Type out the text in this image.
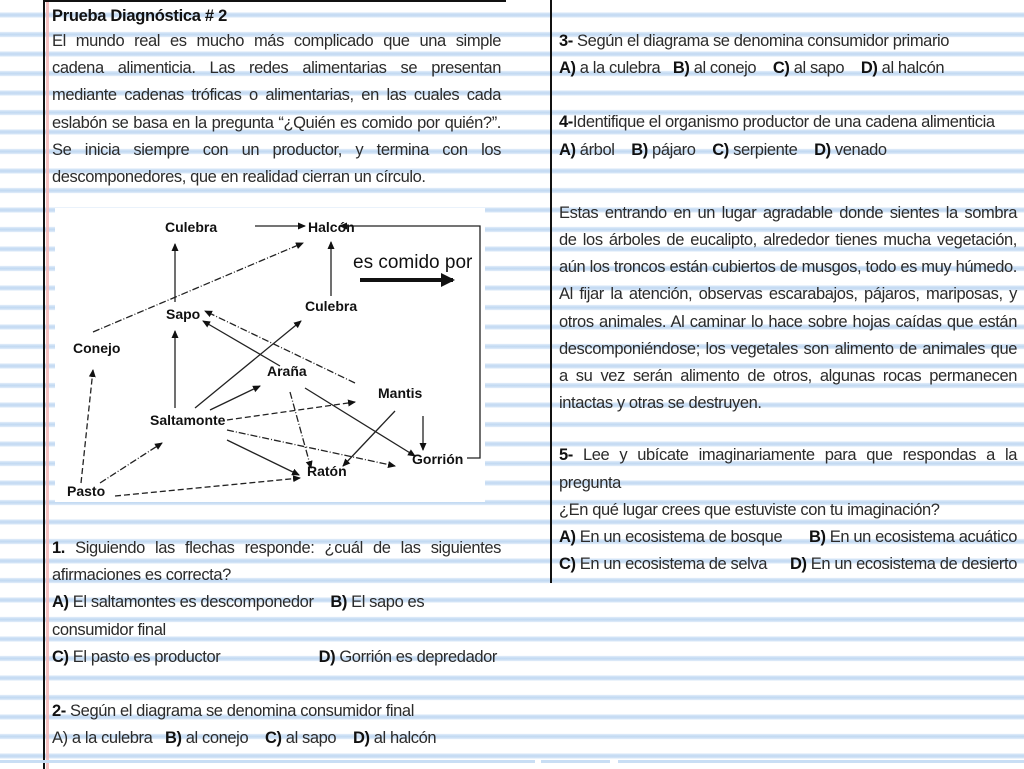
Prueba Diagnóstica # 2

El mundo real es mucho más complicado que una simple cadena alimenticia. Las redes alimentarias se presentan mediante cadenas tróficas o alimentarias, en las cuales cada eslabón se basa en la pregunta “¿Quién es comido por quién?”. Se inicia siempre con un productor, y termina con los descomponedores, que en realidad cierran un círculo.

es comido por
Culebra	Halcón
Sapo	Culebra
Conejo
Araña
Mantis
Saltamonte
Gorrión
Ratón
Pasto

1. Siguiendo las flechas responde: ¿cuál de las siguientes afirmaciones es correcta?

A) El saltamontes es descomponedor B) El sapo es consumidor final

C) El pasto es productor	D) Gorrión es depredador

2- Según el diagrama se denomina consumidor final

A) a la culebra B) al conejo C) al sapo D) al halcón

3- Según el diagrama se denomina consumidor primario

A) a la culebra B) al conejo C) al sapo D) al halcón

4-Identifique el organismo productor de una cadena alimenticia

A) árbol B) pájaro C) serpiente D) venado

Estas entrando en un lugar agradable donde sientes la sombra de los árboles de eucalipto, alrededor tienes mucha vegetación, aún los troncos están cubiertos de musgos, todo es muy húmedo. Al fijar la atención, observas escarabajos, pájaros, mariposas, y otros animales. Al caminar lo hace sobre hojas caídas que están descomponiéndose; los vegetales son alimento de animales que a su vez serán alimento de otros, algunas rocas permanecen intactas y otras se destruyen.

5- Lee y ubícate imaginariamente para que respondas a la pregunta

¿En qué lugar crees que estuviste con tu imaginación?

A) En un ecosistema de bosque B) En un ecosistema acuático

C) En un ecosistema de selva D) En un ecosistema de desierto
